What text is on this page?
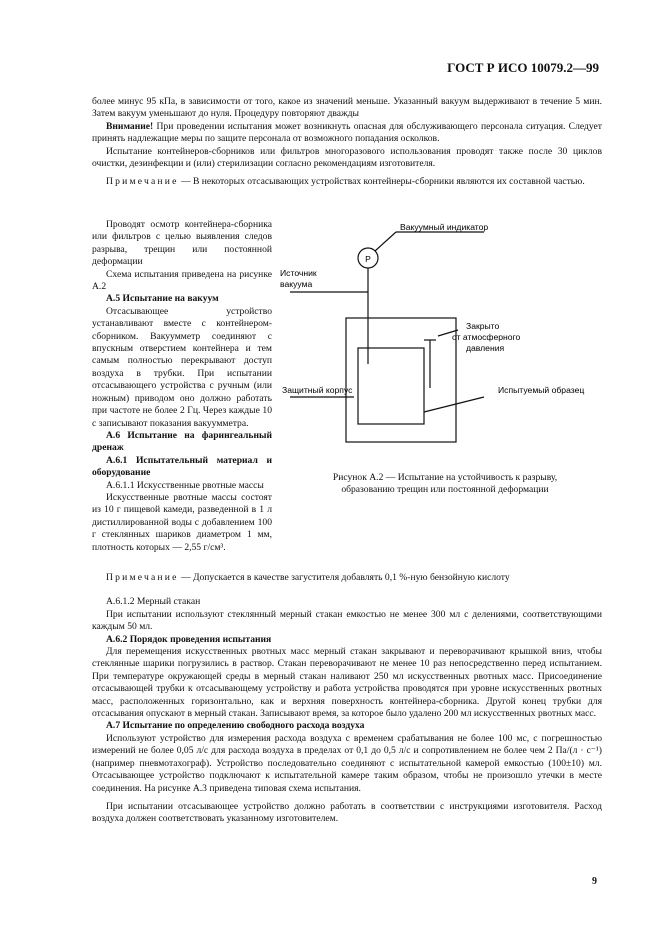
ГОСТ Р ИСО 10079.2—99

более минус 95 кПа, в зависимости от того, какое из значений меньше. Указанный вакуум выдерживают в течение 5 мин. Затем вакуум уменьшают до нуля. Процедуру повторяют дважды

Внимание! При проведении испытания может возникнуть опасная для обслуживающего персонала ситуация. Следует принять надлежащие меры по защите персонала от возможного попадания осколков.

Испытание контейнеров-сборников или фильтров многоразового использования проводят также после 30 циклов очистки, дезинфекции и (или) стерилизации согласно рекомендациям изготовителя.

Примечание — В некоторых отсасывающих устройствах контейнеры-сборники являются их составной частью.

Проводят осмотр контейнера-сборника или фильтров с целью выявления следов разрыва, трещин или постоянной деформации

Схема испытания приведена на рисунке А.2

А.5 Испытание на вакуум

Отсасывающее устройство устанавливают вместе с контейнером-сборником. Вакуумметр соединяют с впускным отверстием контейнера и тем самым полностью перекрывают доступ воздуха в трубки. При испытании отсасывающего устройства с ручным (или ножным) приводом оно должно работать при частоте не более 2 Гц. Через каждые 10 с записывают показания вакуумметра.

А.6 Испытание на фарингеальный дренаж

А.6.1 Испытательный материал и оборудование

А.6.1.1 Искусственные рвотные массы

Искусственные рвотные массы состоят из 10 г пищевой камеди, разведенной в 1 л дистиллированной воды с добавлением 100 г стеклянных шариков диаметром 1 мм, плотность которых — 2,55 г/см³.

P
Вакуумный индикатор
Источник
вакуума
Закрыто
от атмосферного
давления
Защитный корпус	Испытуемый образец
Рисунок А.2 — Испытание на устойчивость к разрыву,
образованию трещин или постоянной деформации

Примечание — Допускается в качестве загустителя добавлять 0,1 %-ную бензойную кислоту

А.6.1.2 Мерный стакан

При испытании используют стеклянный мерный стакан емкостью не менее 300 мл с делениями, соответствующими каждым 50 мл.

А.6.2 Порядок проведения испытания

Для перемещения искусственных рвотных масс мерный стакан закрывают и переворачивают крышкой вниз, чтобы стеклянные шарики погрузились в раствор. Стакан переворачивают не менее 10 раз непосредственно перед испытанием. При температуре окружающей среды в мерный стакан наливают 250 мл искусственных рвотных масс. Присоединение отсасывающей трубки к отсасывающему устройству и работа устройства проводятся при уровне искусственных рвотных масс, расположенных горизонтально, как и верхняя поверхность контейнера-сборника. Другой конец трубки для отсасывания опускают в мерный стакан. Записывают время, за которое было удалено 200 мл искусственных рвотных масс.

А.7 Испытание по определению свободного расхода воздуха

Используют устройство для измерения расхода воздуха с временем срабатывания не более 100 мс, с погрешностью измерений не более 0,05 л/с для расхода воздуха в пределах от 0,1 до 0,5 л/с и сопротивлением не более чем 2 Па/(л · с⁻¹) (например пневмотахограф). Устройство последовательно соединяют с испытательной камерой емкостью (100±10) мл. Отсасывающее устройство подключают к испытательной камере таким образом, чтобы не произошло утечки в месте соединения. На рисунке А.3 приведена типовая схема испытания.

При испытании отсасывающее устройство должно работать в соответствии с инструкциями изготовителя. Расход воздуха должен соответствовать указанному изготовителем.

9
